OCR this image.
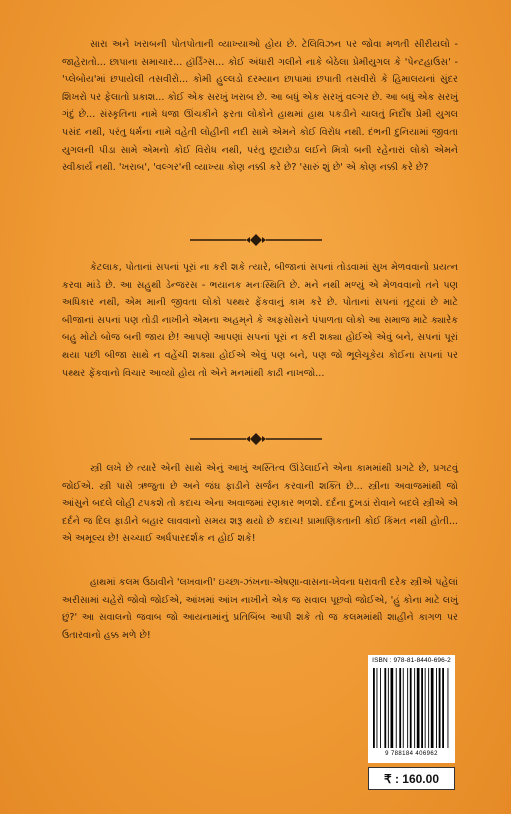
સારા અને ખરાબની પોતપોતાની વ્યાખ્યાઓ હોય છે. ટેલિવિઝન પર જોવા મળતી સીરીયલો - જાહેરાતો... છાપાના સમાચાર... હૉર્ડિંગ્સ... કોઈ અંધારી ગલીને નાકે બેઠેલા પ્રેમીયુગલ કે 'પેન્ટહાઉસ' - 'પ્લેબોય'માં છપાયેલી તસવીરો... કોમી હુલ્લડો દરમ્યાન છાપામાં છપાતી તસવીરો કે હિમાલયનાં સુંદર શિખરો પર ફેલાતો પ્રકાશ... કોઈ એક સરખું ખરાબ છે. આ બધું એક સરખું વલ્ગર છે. આ બધું એક સરખું ગંદું છે... સંસ્કૃતિના નામે ધજા ઊંચકીને ફરતા લોકોને હાથમાં હાથ પકડીને ચાલતું નિર્દોષ પ્રેમી યુગલ પસંદ નથી, પરંતુ ધર્મના નામે વહેતી લોહીની નદી સામે એમને કોઈ વિરોધ નથી. દંભની દુનિયામાં જીવતા યુગલની પીડા સામે એમનો કોઈ વિરોધ નથી, પરંતુ છૂટાછેડા લઈને મિત્રો બની રહેનારાં લોકો એમને સ્વીકાર્ય નથી. 'ખરાબ', 'વલ્ગર'ની વ્યાખ્યા કોણ નક્કી કરે છે? 'સારું શું છે' એ કોણ નક્કી કરે છે?

કેટલાક, પોતાનાં સપનાં પૂરાં ના કરી શકે ત્યારે, બીજાનાં સપનાં તોડવામાં સુખ મેળવવાનો પ્રયત્ન કરવા માંડે છે. આ સહુથી ડેન્જરસ - ભયાનક મનઃસ્થિતિ છે. મને નથી મળ્યું એ મેળવવાનો તને પણ અધિકાર નથી, એમ માની જીવતા લોકો પથ્થર ફેંકવાનું કામ કરે છે. પોતાનાં સપનાં તૂટ્યાં છે માટે બીજાનાં સપનાં પણ તોડી નાખીને એમના અહમ્‌ને કે અફસોસને પંપાળતા લોકો આ સમાજ માટે ક્યારેક બહુ મોટો બોજ બની જાય છે! આપણે આપણાં સપનાં પૂરાં ન કરી શક્યા હોઈએ એવું બને, સપનાં પૂરાં થયા પછી બીજા સાથે ન વહેંચી શક્યા હોઈએ એવું પણ બને, પણ જો ભૂલેચૂકેય કોઈના સપનાં પર પથ્થર ફેંકવાનો વિચાર આવ્યો હોય તો એને મનમાંથી કાઢી નાખજો...

સ્ત્રી લખે છે ત્યારે એની સાથે એનું આખું અસ્તિત્વ ઊંડેલાઈને એના કામમાંથી પ્રગટે છે, પ્રગટવું જોઈએ. સ્ત્રી પાસે ઋજુતા છે અને જંઘ ફાડીને સર્જન કરવાની શક્તિ છે... સ્ત્રીના અવાજમાંથી જો આંસુને બદલે લોહી ટપકશે તો કદાચ એના અવાજમાં રણકાર ભળશે. દર્દના દુખડાં રોવાને બદલે સ્ત્રીએ એ દર્દને જ દિલ ફાડીને બહાર લાવવાનો સમય શરૂ થયો છે કદાચ! પ્રામાણિકતાની કોઈ કિંમત નથી હોતી... એ અમૂલ્ય છે! સચ્ચાઈ અર્ધપારદર્શક ન હોઈ શકે!

હાથમાં કલમ ઉઠાવીને 'લખવાની' ઇચ્છા-ઝંખના-એષણા-વાસના-ખેવના ધરાવતી દરેક સ્ત્રીએ પહેલાં અરીસામાં ચહેરો જોવો જોઈએ, આંખમાં આંખ નાખીને એક જ સવાલ પૂછવો જોઈએ, 'હું કોના માટે લખું છું?' આ સવાલનો જવાબ જો આયનામાંનું પ્રતિબિંબ આપી શકે તો જ કલમમાંથી શાહીને કાગળ પર ઉતારવાનો હક્ક મળે છે!

ISBN : 978-81-8440-696-2
9 788184 406962
₹ : 160.00
